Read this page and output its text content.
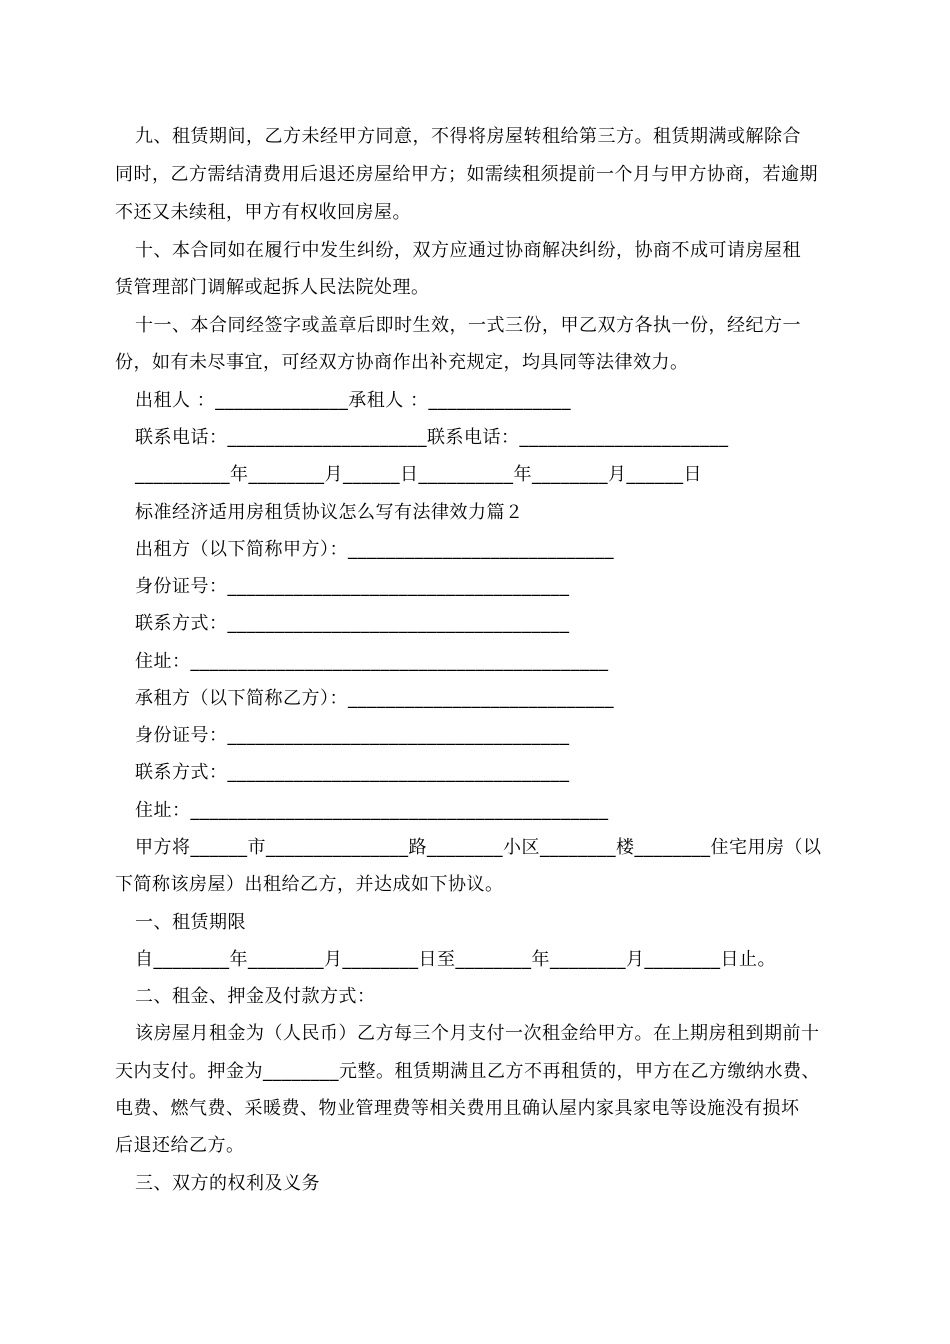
九、租赁期间，乙方未经甲方同意，不得将房屋转租给第三方。租赁期满或解除合
同时，乙方需结清费用后退还房屋给甲方；如需续租须提前一个月与甲方协商，若逾期
不还又未续租，甲方有权收回房屋。
十、本合同如在履行中发生纠纷，双方应通过协商解决纠纷，协商不成可请房屋租
赁管理部门调解或起拆人民法院处理。
十一、本合同经签字或盖章后即时生效，一式三份，甲乙双方各执一份，经纪方一
份，如有未尽事宜，可经双方协商作出补充规定，均具同等法律效力。
出租人 ：______________承租人 ：_______________
联系电话：_____________________联系电话：______________________
__________年________月______日__________年________月______日
标准经济适用房租赁协议怎么写有法律效力篇２
出租方（以下简称甲方）：____________________________
身份证号：____________________________________
联系方式：____________________________________
住址：____________________________________________
承租方（以下简称乙方）：____________________________
身份证号：____________________________________
联系方式：____________________________________
住址：____________________________________________
甲方将______市_______________路________小区________楼________住宅用房（以
下简称该房屋）出租给乙方，并达成如下协议。
一、租赁期限
自________年________月________日至________年________月________日止。
二、租金、押金及付款方式：
该房屋月租金为（人民币）乙方每三个月支付一次租金给甲方。在上期房租到期前十
天内支付。押金为________元整。租赁期满且乙方不再租赁的，甲方在乙方缴纳水费、
电费、燃气费、采暖费、物业管理费等相关费用且确认屋内家具家电等设施没有损坏
后退还给乙方。
三、双方的权利及义务
